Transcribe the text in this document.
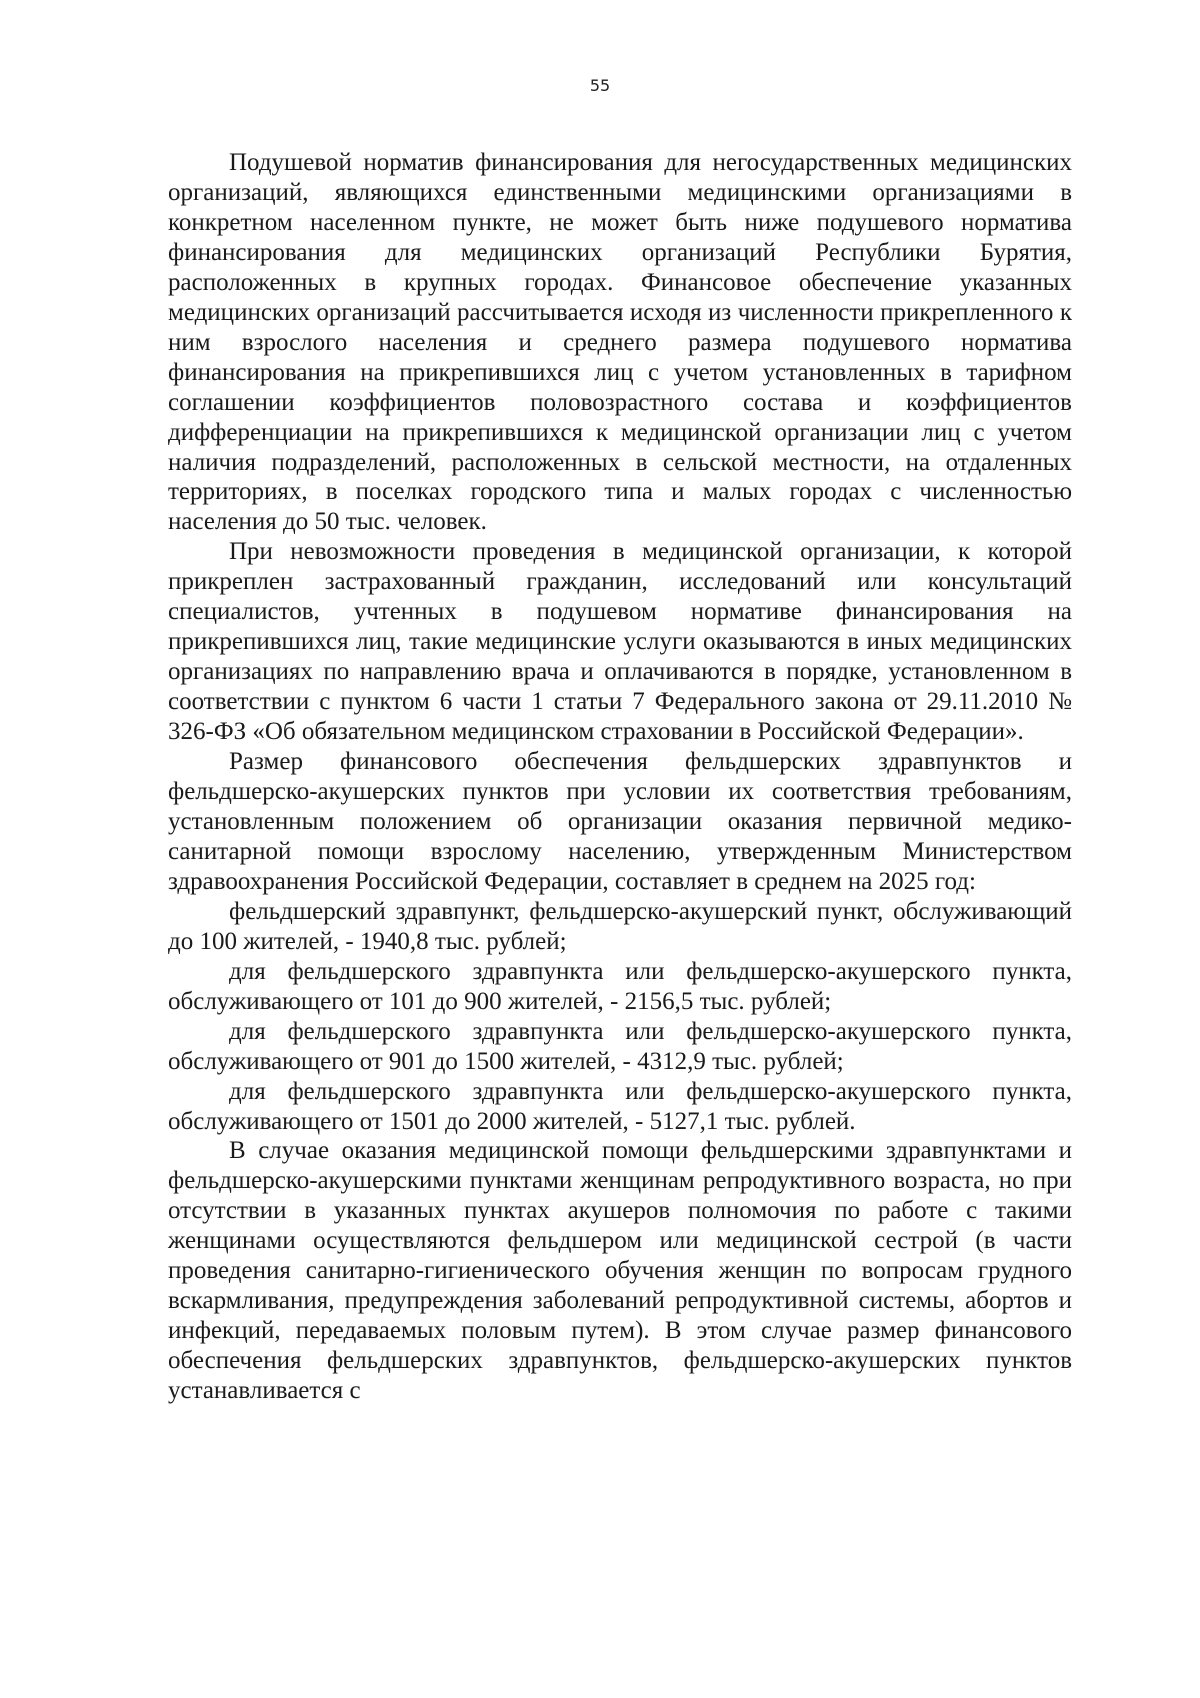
55

Подушевой норматив финансирования для негосударственных медицинских организаций, являющихся единственными медицинскими организациями в конкретном населенном пункте, не может быть ниже подушевого норматива финансирования для медицинских организаций Республики Бурятия, расположенных в крупных городах. Финансовое обеспечение указанных медицинских организаций рассчитывается исходя из численности прикрепленного к ним взрослого населения и среднего размера подушевого норматива финансирования на прикрепившихся лиц с учетом установленных в тарифном соглашении коэффициентов половозрастного состава и коэффициентов дифференциации на прикрепившихся к медицинской организации лиц с учетом наличия подразделений, расположенных в сельской местности, на отдаленных территориях, в поселках городского типа и малых городах с численностью населения до 50 тыс. человек.

При невозможности проведения в медицинской организации, к которой прикреплен застрахованный гражданин, исследований или консультаций специалистов, учтенных в подушевом нормативе финансирования на прикрепившихся лиц, такие медицинские услуги оказываются в иных медицинских организациях по направлению врача и оплачиваются в порядке, установленном в соответствии с пунктом 6 части 1 статьи 7 Федерального закона от 29.11.2010 № 326-ФЗ «Об обязательном медицинском страховании в Российской Федерации».

Размер финансового обеспечения фельдшерских здравпунктов и фельдшерско-акушерских пунктов при условии их соответствия требованиям, установленным положением об организации оказания первичной медико-санитарной помощи взрослому населению, утвержденным Министерством здравоохранения Российской Федерации, составляет в среднем на 2025 год:

фельдшерский здравпункт, фельдшерско-акушерский пункт, обслуживающий до 100 жителей, - 1940,8 тыс. рублей;

для фельдшерского здравпункта или фельдшерско-акушерского пункта, обслуживающего от 101 до 900 жителей, - 2156,5 тыс. рублей;

для фельдшерского здравпункта или фельдшерско-акушерского пункта, обслуживающего от 901 до 1500 жителей, - 4312,9 тыс. рублей;

для фельдшерского здравпункта или фельдшерско-акушерского пункта, обслуживающего от 1501 до 2000 жителей, - 5127,1 тыс. рублей.

В случае оказания медицинской помощи фельдшерскими здравпунктами и фельдшерско-акушерскими пунктами женщинам репродуктивного возраста, но при отсутствии в указанных пунктах акушеров полномочия по работе с такими женщинами осуществляются фельдшером или медицинской сестрой (в части проведения санитарно-гигиенического обучения женщин по вопросам грудного вскармливания, предупреждения заболеваний репродуктивной системы, абортов и инфекций, передаваемых половым путем). В этом случае размер финансового обеспечения фельдшерских здравпунктов, фельдшерско-акушерских пунктов устанавливается с
